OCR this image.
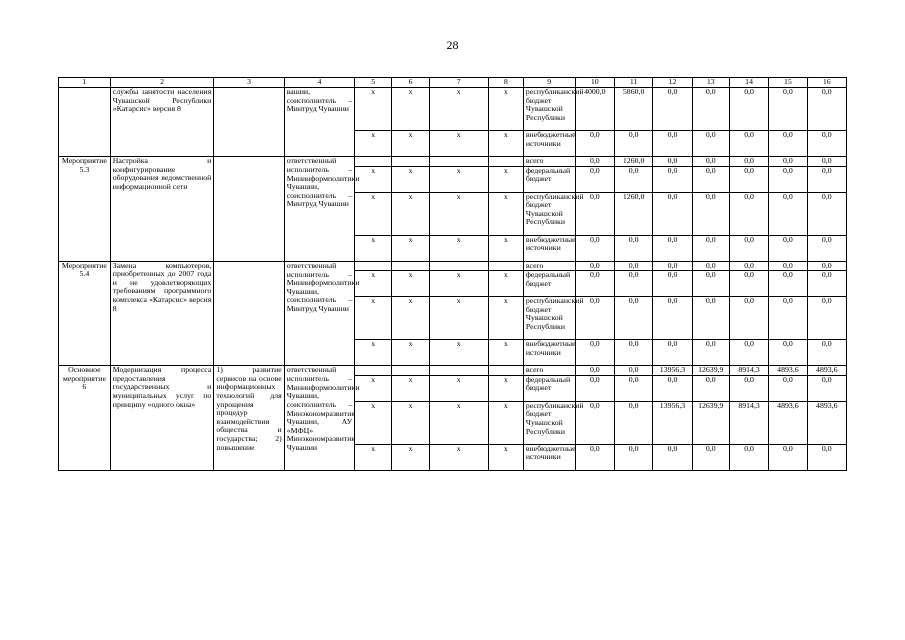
28
1	2	3	4	5	6	7	8	9	10	11	12	13	14	15	16
	службы занятости населения Чувашской Республики «Катарсис» версия 8		вашии, соисполнитель – Минтруд Чувашии	x	x	x	x	республиканский бюджет Чувашской Республики	4000,0	5860,0	0,0	0,0	0,0	0,0	0,0
				x	x	x	x	внебюджетные источники	0,0	0,0	0,0	0,0	0,0	0,0	0,0
Мероприятие 5.3	Настройка и конфигурирование оборудования ведомственной информационной сети		ответственный					всего	0,0	1260,0	0,0	0,0	0,0	0,0	0,0
			исполнитель – Мининформполитики Чувашии, соисполнитель – Минтруд Чувашии	x	x	x	x	федеральный бюджет	0,0	0,0	0,0	0,0	0,0	0,0	0,0
				x	x	x	x	республиканский бюджет Чувашской Республики	0,0	1260,0	0,0	0,0	0,0	0,0	0,0
				x	x	x	x	внебюджетные источники	0,0	0,0	0,0	0,0	0,0	0,0	0,0
Мероприятие 5.4	Замена компьютеров, приобретенных до 2007 года и не удовлетворяющих требованиям программного комплекса «Катарсис» версия 8		ответственный					всего	0,0	0,0	0,0	0,0	0,0	0,0	0,0
			исполнитель – Мининформполитики Чувашии, соисполнитель – Минтруд Чувашии	x	x	x	x	федеральный бюджет	0,0	0,0	0,0	0,0	0,0	0,0	0,0
				x	x	x	x	республиканский бюджет Чувашской Республики	0,0	0,0	0,0	0,0	0,0	0,0	0,0
				x	x	x	x	внебюджетные источники	0,0	0,0	0,0	0,0	0,0	0,0	0,0
Основное мероприятие 6	Модернизация процесса предоставления государственных и муниципальных услуг по принципу «одного окна»	1) развитие сервисов на основе информационных технологий для упрощения процедур взаимодействия общества и государства; 2) повышение	ответственный					всего	0,0	0,0	13956,3	12639,9	8914,3	4893,6	4893,6
			исполнитель – Мининформполитики Чувашии, соисполнитель – Минэкономразвития Чувашии, АУ «МФЦ» Минэкономразвития Чувашии	x	x	x	x	федеральный бюджет	0,0	0,0	0,0	0,0	0,0	0,0	0,0
				x	x	x	x	республиканский бюджет Чувашской Республики	0,0	0,0	13956,3	12639,9	8914,3	4893,6	4893,6
				x	x	x	x	внебюджетные источники	0,0	0,0	0,0	0,0	0,0	0,0	0,0
